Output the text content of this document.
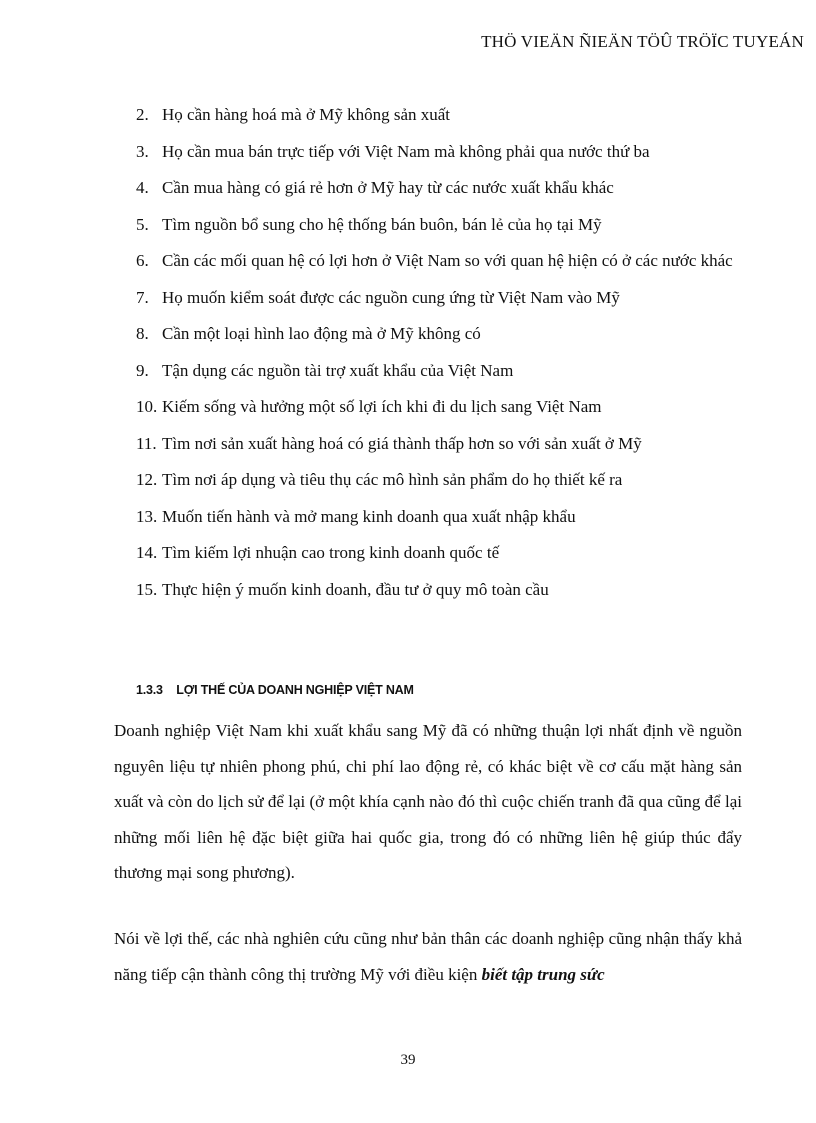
THÖ VIEÄN ÑIEÄN TÖÛ TRÖÏC TUYEÁN
2. Họ cần hàng hoá mà ở Mỹ không sản xuất
3. Họ cần mua bán trực tiếp với Việt Nam mà không phải qua nước thứ ba
4. Cần mua hàng có giá rẻ hơn ở Mỹ hay từ các nước xuất khẩu khác
5. Tìm nguồn bổ sung cho hệ thống bán buôn, bán lẻ của họ tại Mỹ
6. Cần các mối quan hệ có lợi hơn ở Việt Nam so với quan hệ hiện có ở các nước khác
7. Họ muốn kiểm soát được các nguồn cung ứng từ Việt Nam vào Mỹ
8. Cần một loại hình lao động mà ở Mỹ không có
9. Tận dụng các nguồn tài trợ xuất khẩu của Việt Nam
10. Kiếm sống và hưởng một số lợi ích khi đi du lịch sang Việt Nam
11. Tìm nơi sản xuất hàng hoá có giá thành thấp hơn so với sản xuất ở Mỹ
12. Tìm nơi áp dụng và tiêu thụ các mô hình sản phẩm do họ thiết kế ra
13. Muốn tiến hành và mở mang kinh doanh qua xuất nhập khẩu
14. Tìm kiếm lợi nhuận cao trong kinh doanh quốc tế
15. Thực hiện ý muốn kinh doanh, đầu tư ở quy mô toàn cầu
1.3.3 LỢI THẾ CỦA DOANH NGHIỆP VIỆT NAM

Doanh nghiệp Việt Nam khi xuất khẩu sang Mỹ đã có những thuận lợi nhất định về nguồn nguyên liệu tự nhiên phong phú, chi phí lao động rẻ, có khác biệt về cơ cấu mặt hàng sản xuất và còn do lịch sử để lại (ở một khía cạnh nào đó thì cuộc chiến tranh đã qua cũng để lại những mối liên hệ đặc biệt giữa hai quốc gia, trong đó có những liên hệ giúp thúc đẩy thương mại song phương).

Nói về lợi thế, các nhà nghiên cứu cũng như bản thân các doanh nghiệp cũng nhận thấy khả năng tiếp cận thành công thị trường Mỹ với điều kiện biết tập trung sức

39
